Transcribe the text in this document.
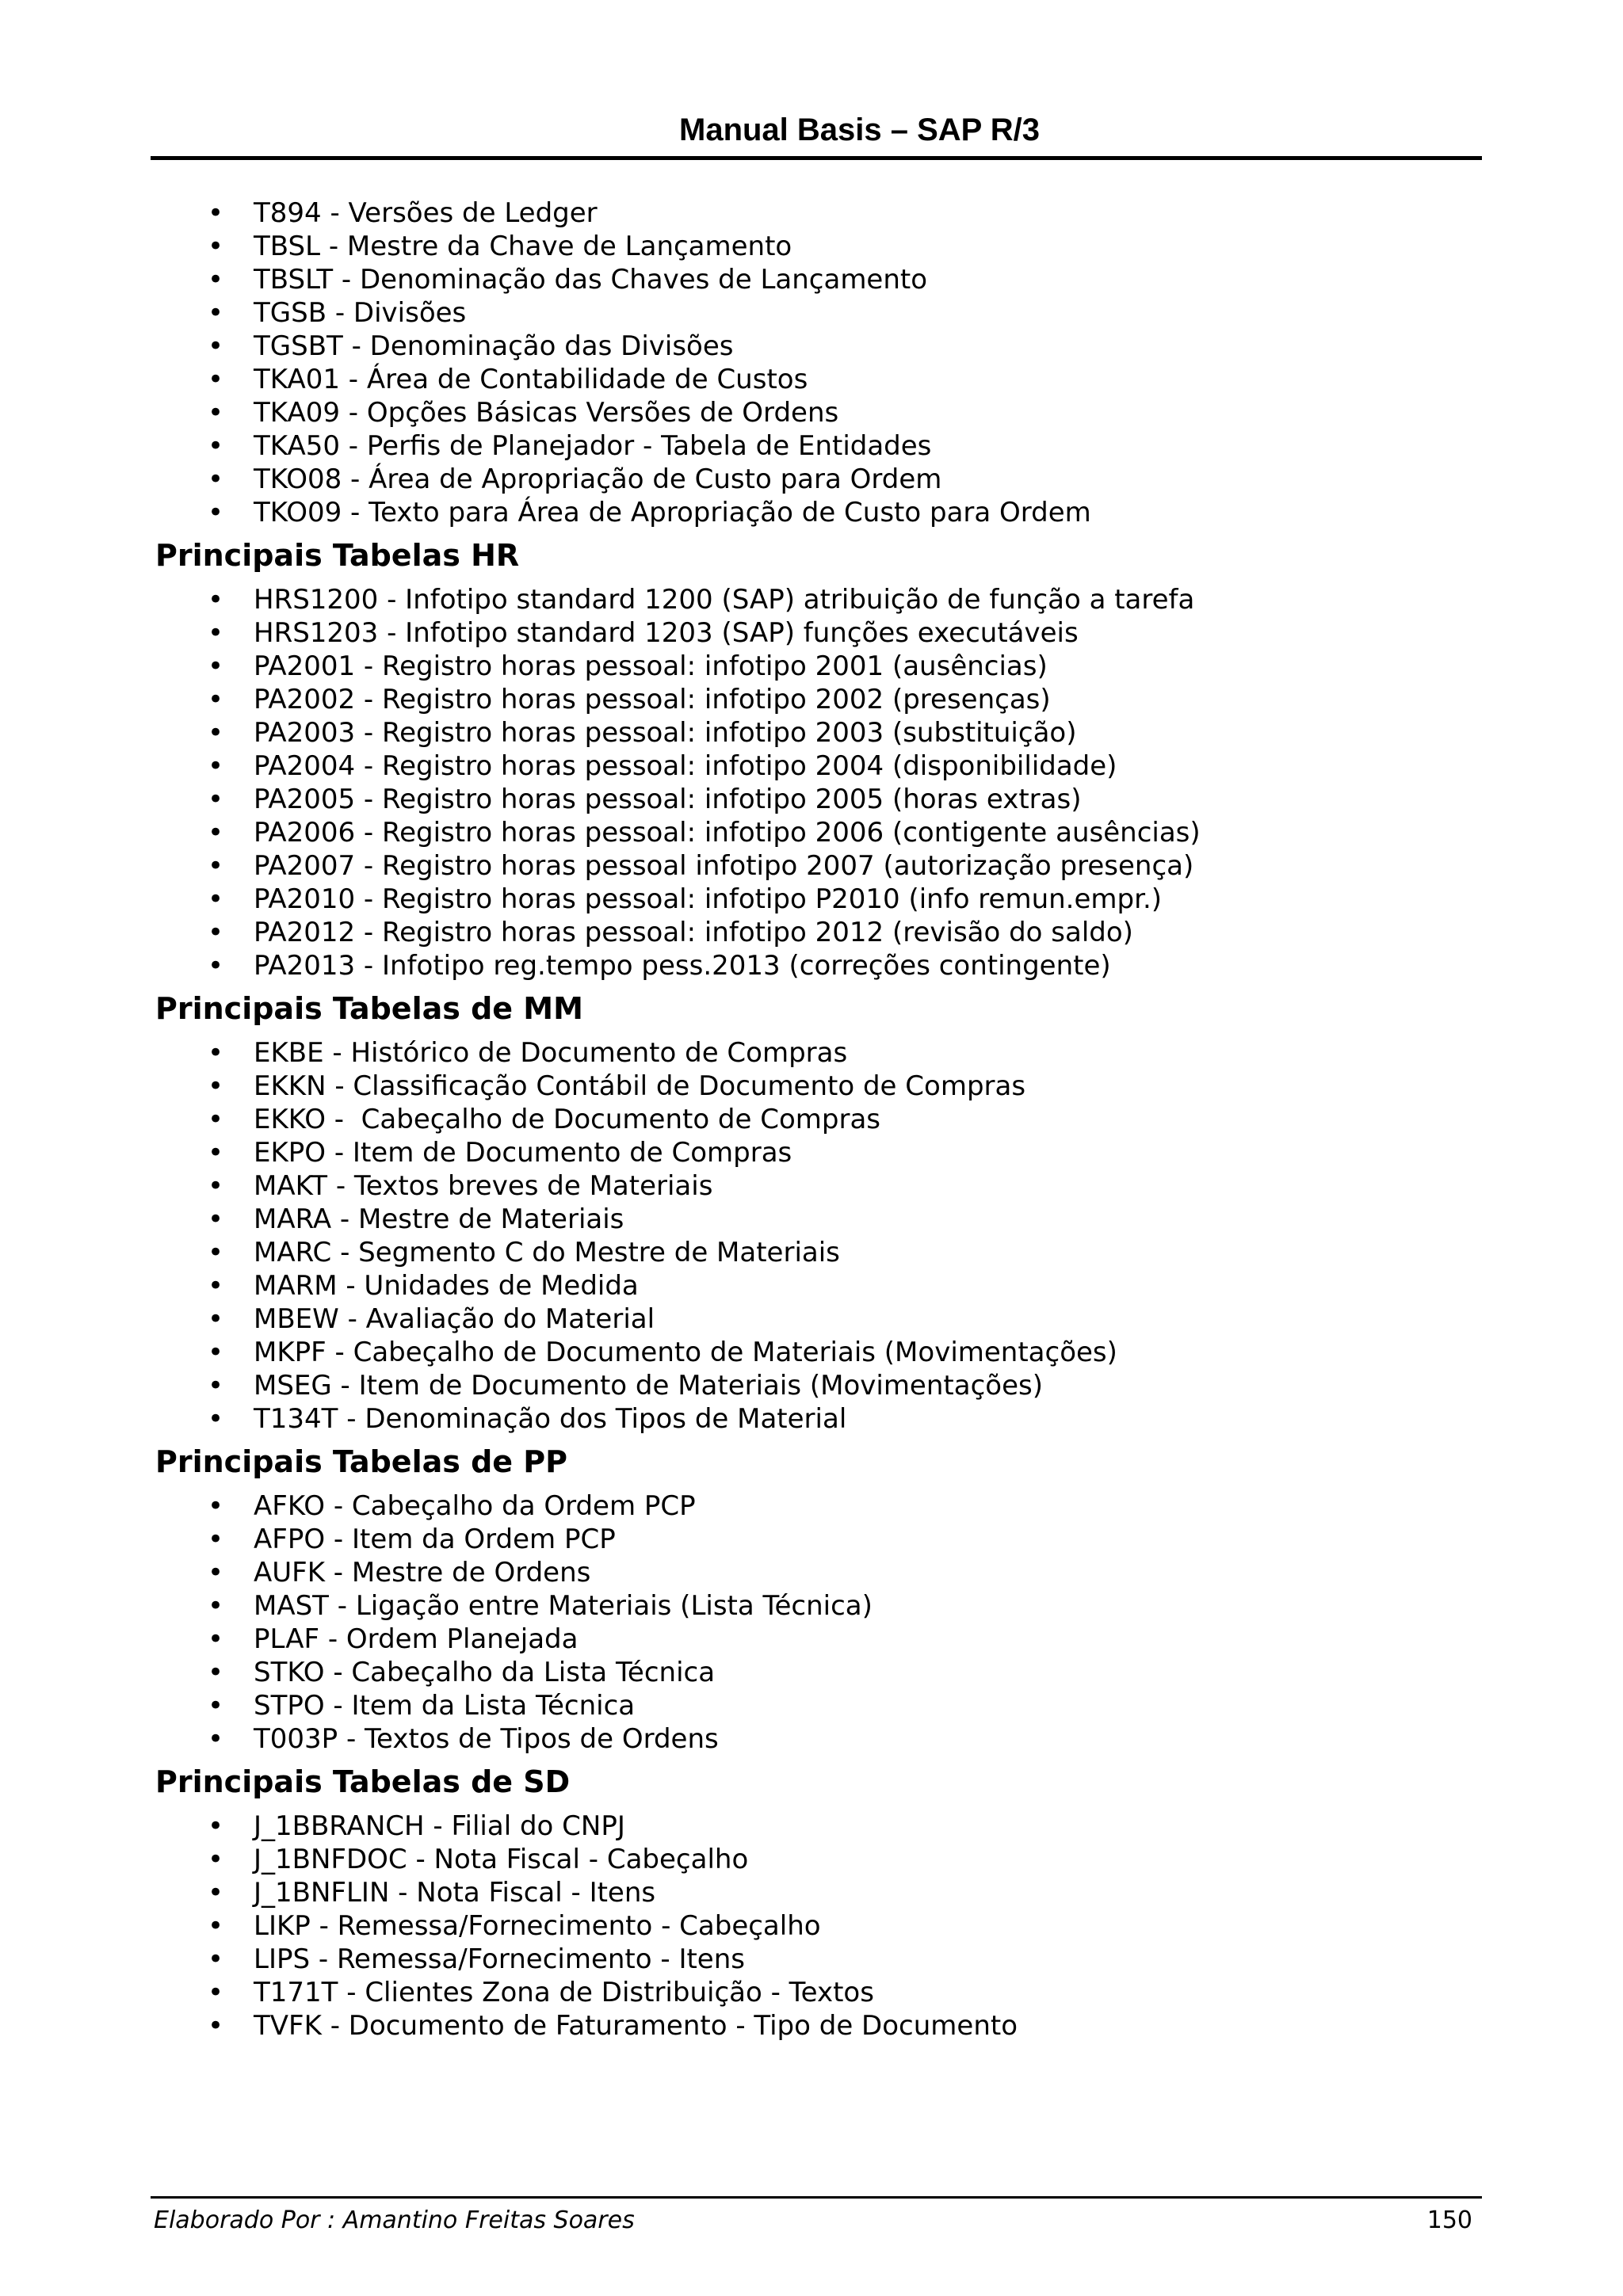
Manual Basis – SAP R/3
• T894 - Versões de Ledger
• TBSL - Mestre da Chave de Lançamento
• TBSLT - Denominação das Chaves de Lançamento
• TGSB - Divisões
• TGSBT - Denominação das Divisões
• TKA01 - Área de Contabilidade de Custos
• TKA09 - Opções Básicas Versões de Ordens
• TKA50 - Perfis de Planejador - Tabela de Entidades
• TKO08 - Área de Apropriação de Custo para Ordem
• TKO09 - Texto para Área de Apropriação de Custo para Ordem
Principais Tabelas HR
• HRS1200 - Infotipo standard 1200 (SAP) atribuição de função a tarefa
• HRS1203 - Infotipo standard 1203 (SAP) funções executáveis
• PA2001 - Registro horas pessoal: infotipo 2001 (ausências)
• PA2002 - Registro horas pessoal: infotipo 2002 (presenças)
• PA2003 - Registro horas pessoal: infotipo 2003 (substituição)
• PA2004 - Registro horas pessoal: infotipo 2004 (disponibilidade)
• PA2005 - Registro horas pessoal: infotipo 2005 (horas extras)
• PA2006 - Registro horas pessoal: infotipo 2006 (contigente ausências)
• PA2007 - Registro horas pessoal infotipo 2007 (autorização presença)
• PA2010 - Registro horas pessoal: infotipo P2010 (info remun.empr.)
• PA2012 - Registro horas pessoal: infotipo 2012 (revisão do saldo)
• PA2013 - Infotipo reg.tempo pess.2013 (correções contingente)
Principais Tabelas de MM
• EKBE - Histórico de Documento de Compras
• EKKN - Classificação Contábil de Documento de Compras
• EKKO -  Cabeçalho de Documento de Compras
• EKPO - Item de Documento de Compras
• MAKT - Textos breves de Materiais
• MARA - Mestre de Materiais
• MARC - Segmento C do Mestre de Materiais
• MARM - Unidades de Medida
• MBEW - Avaliação do Material
• MKPF - Cabeçalho de Documento de Materiais (Movimentações)
• MSEG - Item de Documento de Materiais (Movimentações)
• T134T - Denominação dos Tipos de Material
Principais Tabelas de PP
• AFKO - Cabeçalho da Ordem PCP
• AFPO - Item da Ordem PCP
• AUFK - Mestre de Ordens
• MAST - Ligação entre Materiais (Lista Técnica)
• PLAF - Ordem Planejada
• STKO - Cabeçalho da Lista Técnica
• STPO - Item da Lista Técnica
• T003P - Textos de Tipos de Ordens
Principais Tabelas de SD
• J_1BBRANCH - Filial do CNPJ
• J_1BNFDOC - Nota Fiscal - Cabeçalho
• J_1BNFLIN - Nota Fiscal - Itens
• LIKP - Remessa/Fornecimento - Cabeçalho
• LIPS - Remessa/Fornecimento - Itens
• T171T - Clientes Zona de Distribuição - Textos
• TVFK - Documento de Faturamento - Tipo de Documento
Elaborado Por : Amantino Freitas Soares	150
